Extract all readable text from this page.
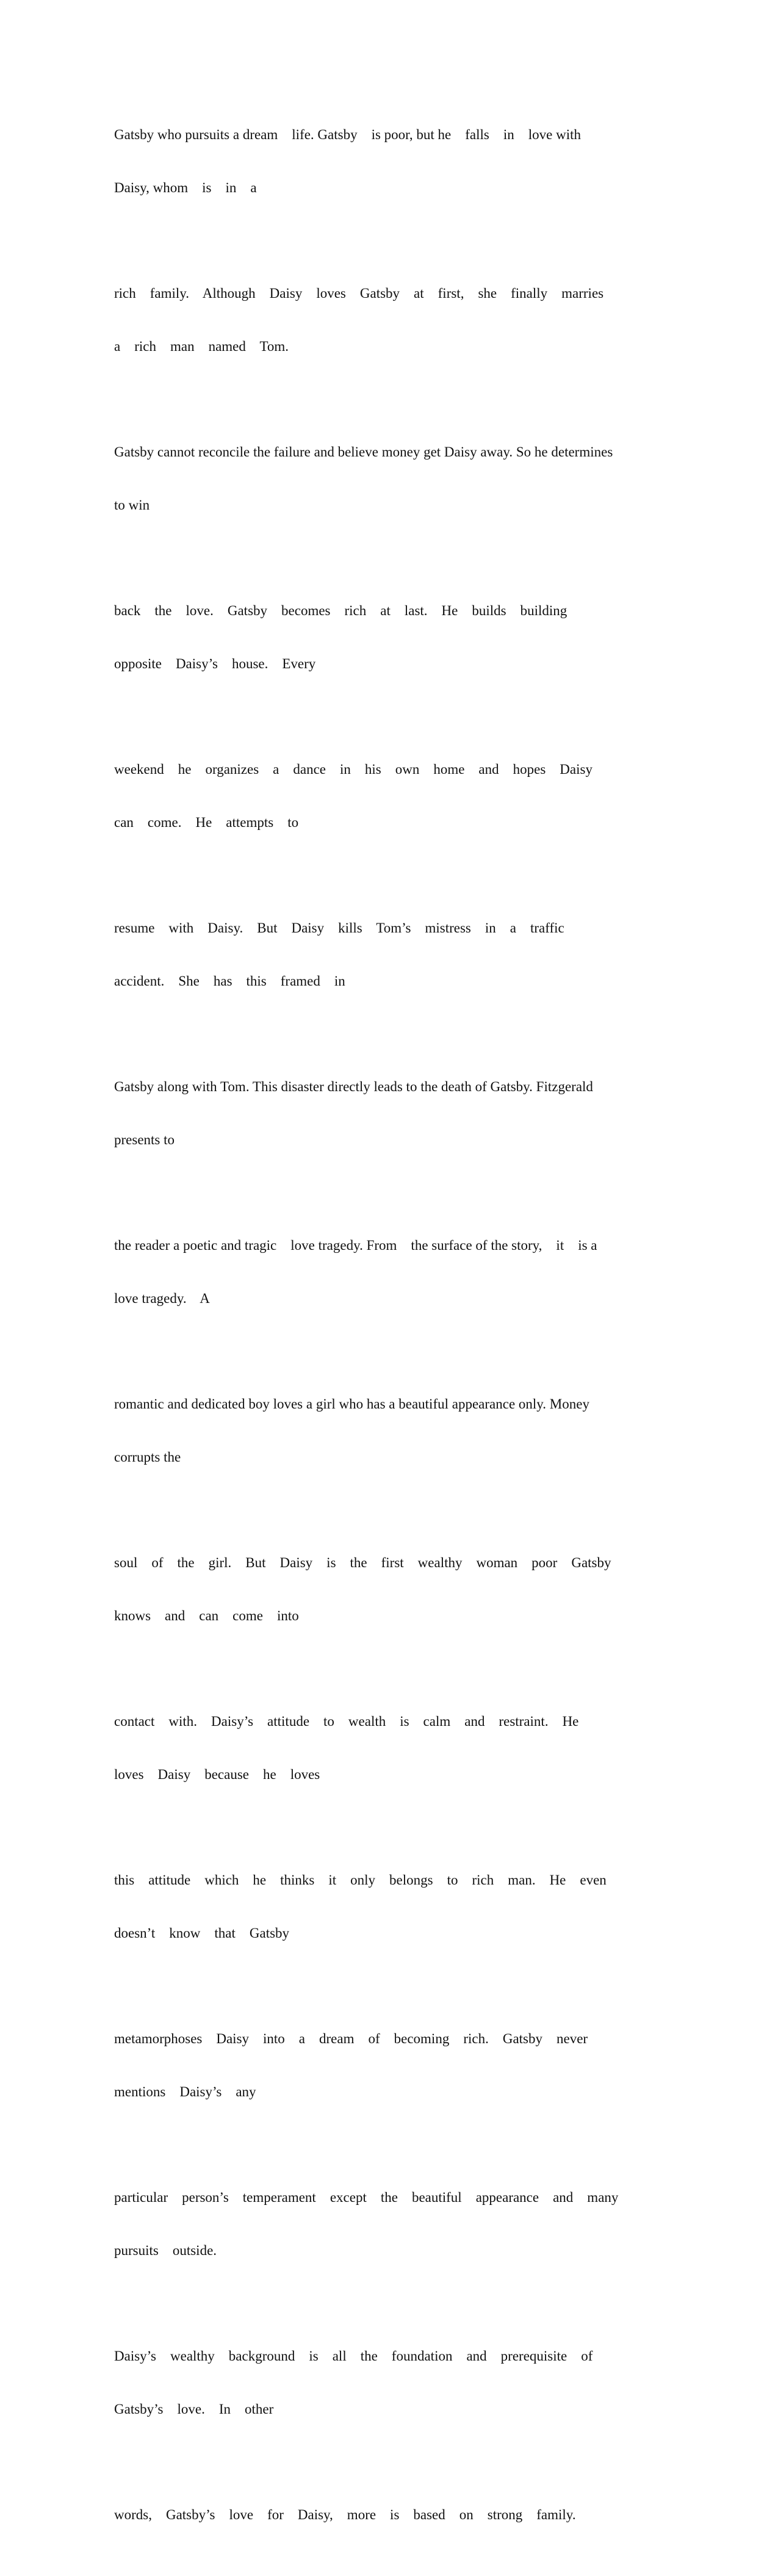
Gatsby who pursuits a dream    life. Gatsby    is poor, but he    falls    in    love with

Daisy, whom    is    in    a

rich    family.    Although    Daisy    loves    Gatsby    at    first,    she    finally    marries

a    rich    man    named    Tom.

Gatsby cannot reconcile the failure and believe money get Daisy away. So he determines

to win

back    the    love.    Gatsby    becomes    rich    at    last.    He    builds    building

opposite    Daisy’s    house.    Every

weekend    he    organizes    a    dance    in    his    own    home    and    hopes    Daisy

can    come.    He    attempts    to

resume    with    Daisy.    But    Daisy    kills    Tom’s    mistress    in    a    traffic

accident.    She    has    this    framed    in

Gatsby along with Tom. This disaster directly leads to the death of Gatsby. Fitzgerald

presents to

the reader a poetic and tragic    love tragedy. From    the surface of the story,    it    is a

love tragedy.    A

romantic and dedicated boy loves a girl who has a beautiful appearance only. Money

corrupts the

soul    of    the    girl.    But    Daisy    is    the    first    wealthy    woman    poor    Gatsby

knows    and    can    come    into

contact    with.    Daisy’s    attitude    to    wealth    is    calm    and    restraint.    He

loves    Daisy    because    he    loves

this    attitude    which    he    thinks    it    only    belongs    to    rich    man.    He    even

doesn’t    know    that    Gatsby

metamorphoses    Daisy    into    a    dream    of    becoming    rich.    Gatsby    never

mentions    Daisy’s    any

particular    person’s    temperament    except    the    beautiful    appearance    and    many

pursuits    outside.

Daisy’s    wealthy    background    is    all    the    foundation    and    prerequisite    of

Gatsby’s    love.    In    other

words,    Gatsby’s    love    for    Daisy,    more    is    based    on    strong    family.
